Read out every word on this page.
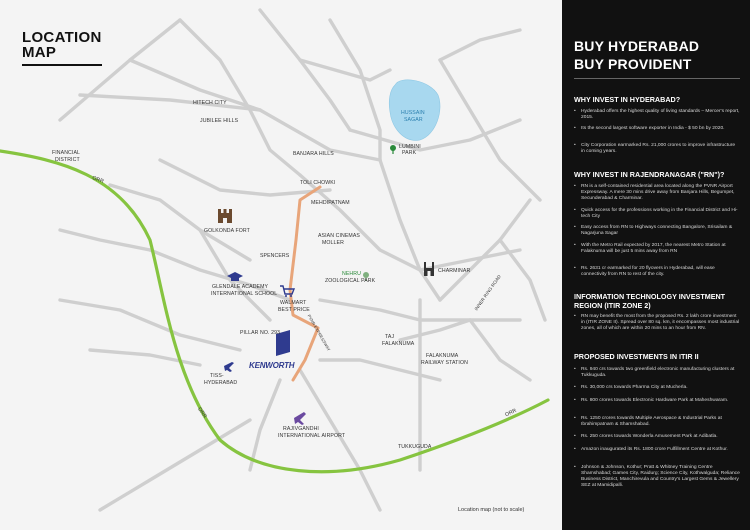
LOCATION
MAP
HITECH CITY
JUBILEE HILLS
BANJARA HILLS
HUSSAIN
SAGAR
LUMBINI
PARK
FINANCIAL
DISTRICT
ORR	TOLI CHOWKI
MEHDIPATNAM
GOLKONDA FORT
ASIAN CINEMAS
MOLLER
SPENCERS
NEHRU
ZOOLOGICAL PARK
CHARMINAR
GLENDALE ACADEMY
INTERNATIONAL SCHOOL
WALMART
BEST PRICE
PILLAR NO. 293	PVNR EXPRESSWAY	TAJ
FALAKNUMA
INNER RING ROAD
FALAKNUMA
RAILWAY STATION
TISS-
HYDERABAD
KENWORTH
ORR
RAJIVGANDHI
INTERNATIONAL AIRPORT
ORR
TUKKUGUDA
Location map (not to scale)
BUY HYDERABAD
BUY PROVIDENT
WHY INVEST IN HYDERABAD?
• Hyderabad offers the highest quality of living standards – Mercer's report, 2015.
• Its the second largest software exporter in India - $ 50 bn by 2020.
• City Corporation earmarked Rs. 21,000 crores to improve infrastructure in coming years.
WHY INVEST IN RAJENDRANAGAR ("RN")?
• RN is a self-contained residential area located along the PVNR Airport Expressway. A mere 30 mins drive away from Banjara Hills, Begumpet, Secunderabad & Charminar.
• Quick access for the professions working in the Financial District and Hi-tech City
• Easy access from RN to Highways connecting Bangalore, Srisailam & Nagarjuna Sagar
• With the Metro Rail expected by 2017, the nearest Metro Station at Falaknuma will be just 5 mins away from RN
• Rs. 2631 cr earmarked for 20 flyovers in Hyderabad, will ease connectivity from RN to rest of the city.
INFORMATION TECHNOLOGY INVESTMENT REGION (ITIR ZONE 2)
• RN may benefit the most from the proposed Rs. 2 lakh crore investment in (ITIR ZONE II). Spread over 80 sq. km, it encompasses most industrial zones, all of which are within 20 mins to an hour from RN.
PROPOSED INVESTMENTS IN ITIR II
• Rs. 940 crs towards two greenfield electronic manufacturing clusters at Tukkuguda.
• Rs. 30,000 crs towards Pharma City at Mucherla.
• Rs. 800 crores towards Electronic Hardware Park at Maheshwaram.
• Rs. 1250 crores towards Multiple Aerospace & Industrial Parks at Ibrahimpatnam & Shamshabad.
• Rs. 250 crores towards Wonderla Amusement Park at Adibatla.
• Amazon inaugurated its Rs. 1800 crore Fulfillment Centre at Kothur.
• Johnson & Johnson, Kothur; Pratt & Whitney Training Centre Shamshabad; Games City, Raidurg; Science City, Kothwalguda; Reliance Business District, Manchirevula and Country's Largest Gems & Jewellery SEZ at Mamidipalli.
